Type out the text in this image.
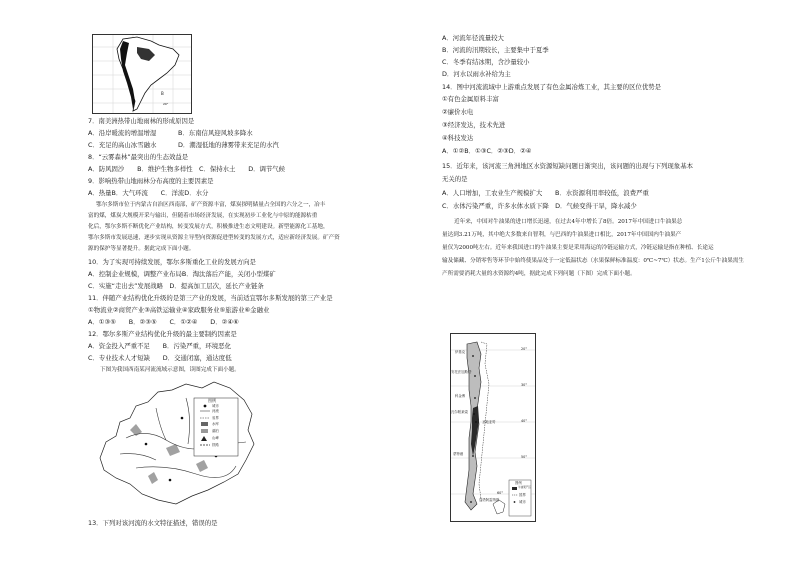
B
20°
7．南美洲热带山地雨林的形成原因是
A．沿岸暖流的增温增湿	B．东南信风迎风坡多降水
C．充足的高山冰雪融水	D．潮湿低地的薄雾带来充足的水汽
8．“云雾森林”最突出的生态效益是
A．防风固沙　　B．维护生物多样性　C．保持水土　　D．调节气候
9．影响热带山地雨林分布高度的主要因素是
A．热量B．大气环流　　C．洋流D．水分
鄂尔多斯市位于内蒙古自治区西南部，矿产资源丰富，煤炭探明储量占全国的六分之一，冶丰
富的煤，煤炭大规模开采与输出，但随着市场经济发展，在实现初步工业化与中原的能源枯重
化后，鄂尔多斯不断优化产业结构，转变发展方式，积极推进生态文明建设。新型能源化工基地，
鄂尔多斯市发展迅速，逐步实现从资源主导型向资源促进型转变的发展方式，适应新经济发展。矿产资
源的保护等显著提升。据此完成下面小题。
10．为了实现可持续发展，鄂尔多斯重化工业的发展方向是
A．控制企业规模，调整产业布局B．淘汰落后产能，关闭小型煤矿
C．实施“走出去”发展战略　D．提高加工层次，延长产业链条
11．伴随产业结构优化升级的是第三产业的发展，当前适宜鄂尔多斯发展的第三产业是
①物流业②商贸产业③高铁运输业④家政服务业⑤旅游业⑥金融业
A．①③⑤　　B．②③⑤　　C．①②④　　D．②④⑥
12．鄂尔多斯产业结构优化升级的最主要制约因素是
A．资金投入严重不足　　B．污染严重，环境恶化
C．专业技术人才短缺　　D．交通闭塞，通达度低
下图为我国西南某河流流域示意图，读图完成下面小题。
图例
城市
河流
省界
水库
湖泊
山峰
铁路
13．下列对该河流的水文特征描述，错误的是
A．河流年径流量较大
B．河流的汛期较长，主要集中于夏季
C．冬季有结冰期，含沙量较小
D．河水以雨水补给为主
14．图中河流流域中上游重点发展了有色金属冶炼工业，其主要的区位优势是
①有色金属原料丰富
②廉价水电
③经济发达，技术先进
④科技发达
A．①②B．①③C．②③D．②④
15．近年来，该河流三角洲地区水资源短缺问题日渐突出，该问题的出现与下列现象基本
无关的是
A．人口增加，工农业生产规模扩大　　B．水资源利用率较低，浪费严重
C．水体污染严重，许多水体水质下降　D．气候变得干旱，降水减少
近年来，中国对牛油果的进口增长迅速，在过去4年中增长了8倍。2017年中国进口牛油果总
量达到3.21万吨，其中绝大多数来自智利，与巴西的牛油果进口相比，2017年中国国内牛油果产
量仅为2000吨左右。近年来我国进口的牛油果主要是采用海运的冷链运输方式，冷链运输是指在种植、长途运
输及储藏、分销零售等环节中始终使果品处于一定低温状态（水果保鲜标准温度：0℃~7℃）状态。生产1公斤牛油果需生
产所需要消耗大量的水资源约4吨，据此完成下列问题（下图）完成下面小题。
20°
30°
40°
50°
60°
伊基克
安托法加斯塔
科金博
瓦尔帕莱索
圣地亚哥
蒙特港
蓬塔阿雷纳斯
图例
牛油果产区
国界
城市
